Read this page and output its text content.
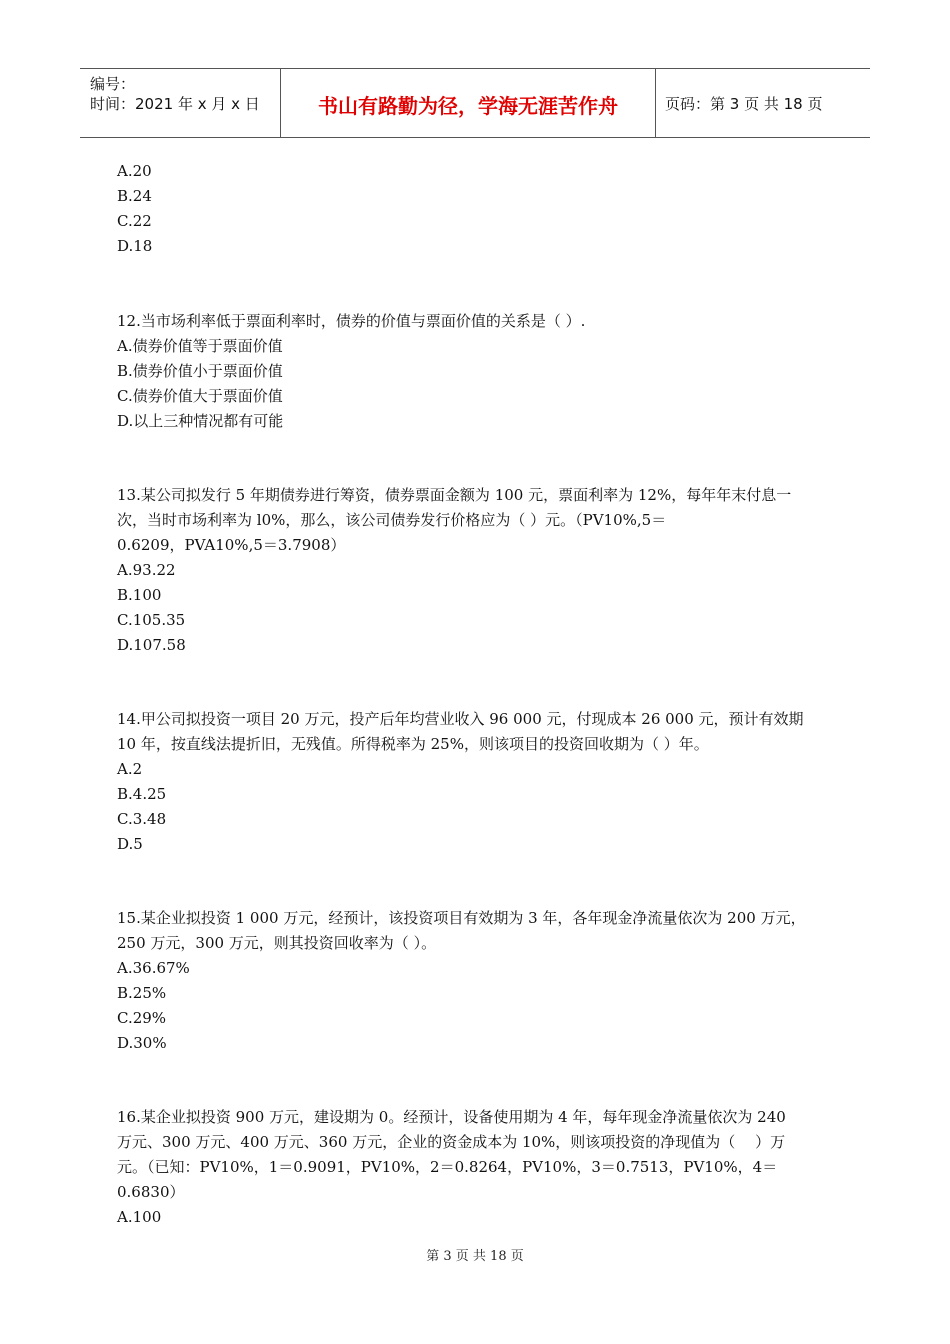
编号：
时间：2021 年 x 月 x 日	书山有路勤为径，学海无涯苦作舟	页码：第 3 页 共 18 页
A.20
B.24
C.22
D.18
12.当市场利率低于票面利率时，债券的价值与票面价值的关系是（ ）.
A.债券价值等于票面价值
B.债券价值小于票面价值
C.债券价值大于票面价值
D.以上三种情况都有可能
13.某公司拟发行 5 年期债券进行筹资，债券票面金额为 100 元，票面利率为 12%，每年年末付息一
次，当时市场利率为 l0%，那么，该公司债券发行价格应为（ ）元。（PV10%,5＝
0.6209，PVA10%,5＝3.7908）
A.93.22
B.100
C.105.35
D.107.58
14.甲公司拟投资一项目 20 万元，投产后年均营业收入 96 000 元，付现成本 26 000 元，预计有效期
10 年，按直线法提折旧，无残值。所得税率为 25%，则该项目的投资回收期为（ ）年。
A.2
B.4.25
C.3.48
D.5
15.某企业拟投资 1 000 万元，经预计，该投资项目有效期为 3 年，各年现金净流量依次为 200 万元，
250 万元，300 万元，则其投资回收率为（ ）。
A.36.67%
B.25%
C.29%
D.30%
16.某企业拟投资 900 万元，建设期为 0。经预计，设备使用期为 4 年，每年现金净流量依次为 240
万元、300 万元、400 万元、360 万元，企业的资金成本为 10%，则该项投资的净现值为（　 ）万
元。（已知：PV10%，1＝0.9091，PV10%，2＝0.8264，PV10%，3＝0.7513，PV10%，4＝
0.6830）
A.100
第 3 页 共 18 页
